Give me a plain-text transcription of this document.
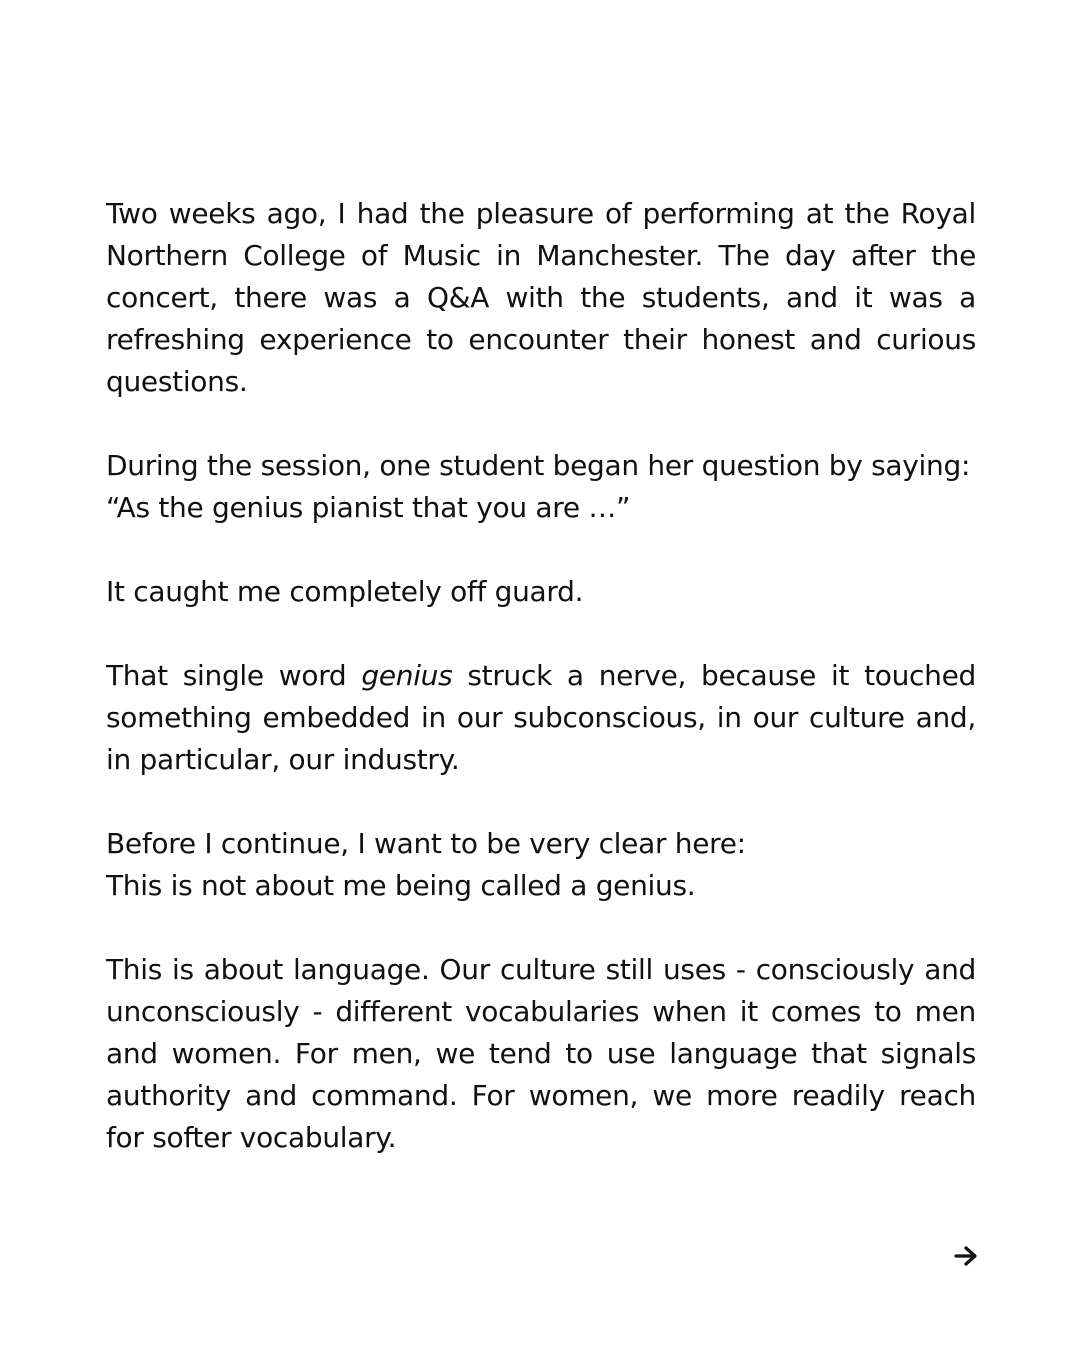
Two weeks ago, I had the pleasure of performing at the Royal Northern College of Music in Manchester. The day after the concert, there was a Q&A with the students, and it was a refreshing experience to encounter their honest and curious questions.

During the session, one student began her question by saying:
“As the genius pianist that you are …”

It caught me completely off guard.

That single word genius struck a nerve, because it touched something embedded in our subconscious, in our culture and, in particular, our industry.

Before I continue, I want to be very clear here:
This is not about me being called a genius.

This is about language. Our culture still uses - consciously and unconsciously - different vocabularies when it comes to men and women. For men, we tend to use language that signals authority and command. For women, we more readily reach for softer vocabulary.
